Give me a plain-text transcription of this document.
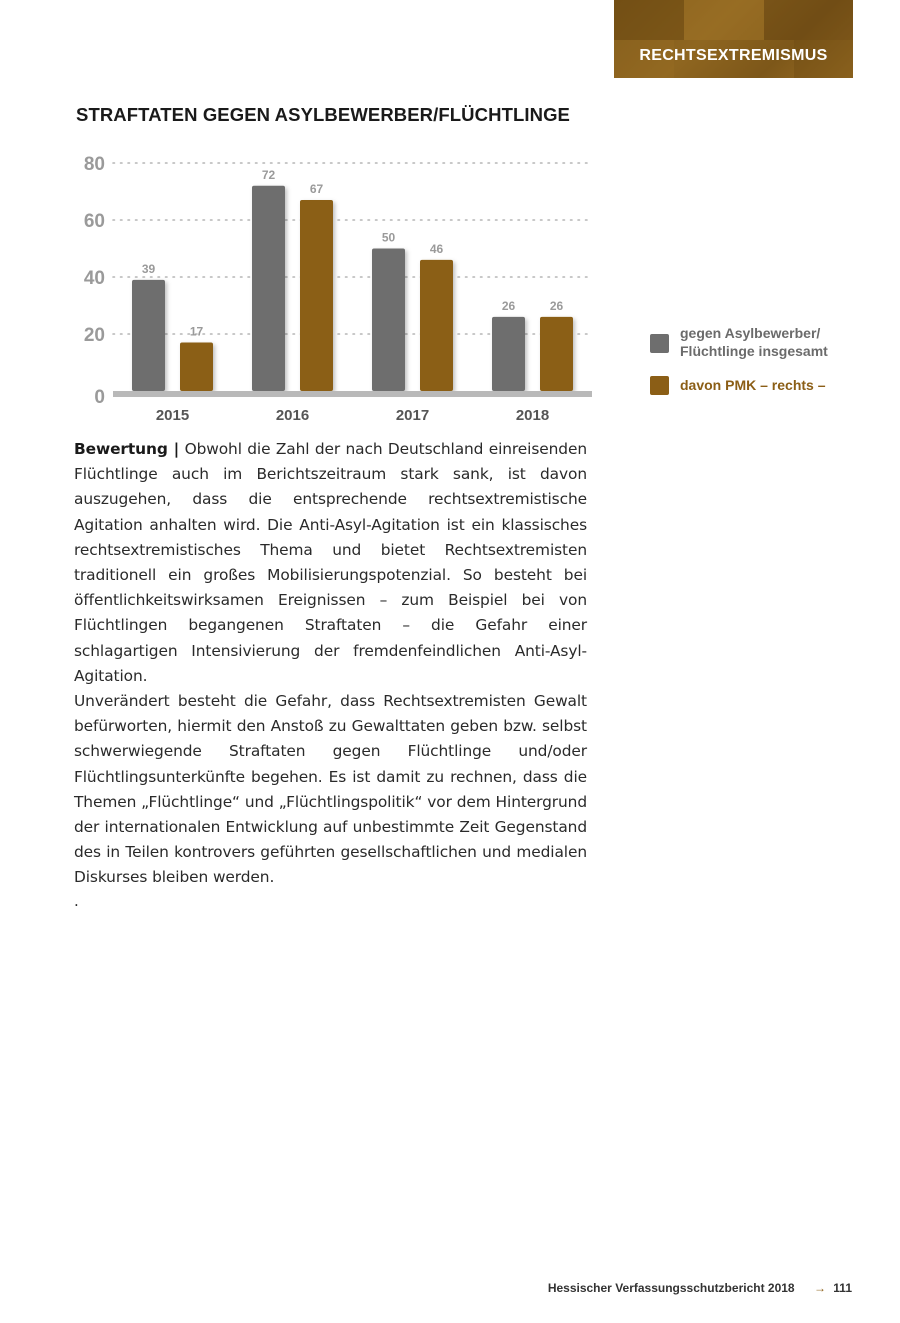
RECHTSEXTREMISMUS
STRAFTATEN GEGEN ASYLBEWERBER/FLÜCHTLINGE
0
20
40
60
80
39
17
2015
72
67
2016
50
46
2017
26	26
2018
gegen Asylbewerber/
Flüchtlinge insgesamt
davon PMK – rechts –

Bewertung | Obwohl die Zahl der nach Deutschland einreisenden Flüchtlinge auch im Berichtszeitraum stark sank, ist davon auszugehen, dass die entsprechende rechtsextremistische Agitation anhalten wird. Die Anti-Asyl-Agitation ist ein klassisches rechtsextremistisches Thema und bietet Rechtsextremisten traditionell ein großes Mobilisierungspotenzial. So besteht bei öffentlichkeitswirksamen Ereignissen – zum Beispiel bei von Flüchtlingen begangenen Straftaten – die Gefahr einer schlagartigen Intensivierung der fremdenfeindlichen Anti-Asyl-Agitation.

Unverändert besteht die Gefahr, dass Rechtsextremisten Gewalt befürworten, hiermit den Anstoß zu Gewalttaten geben bzw. selbst schwerwiegende Straftaten gegen Flüchtlinge und/oder Flüchtlingsunterkünfte begehen. Es ist damit zu rechnen, dass die Themen „Flüchtlinge“ und „Flüchtlingspolitik“ vor dem Hintergrund der internationalen Entwicklung auf unbestimmte Zeit Gegenstand des in Teilen kontrovers geführten gesellschaftlichen und medialen Diskurses bleiben werden.

.
Hessischer Verfassungsschutzbericht 2018 → 111
